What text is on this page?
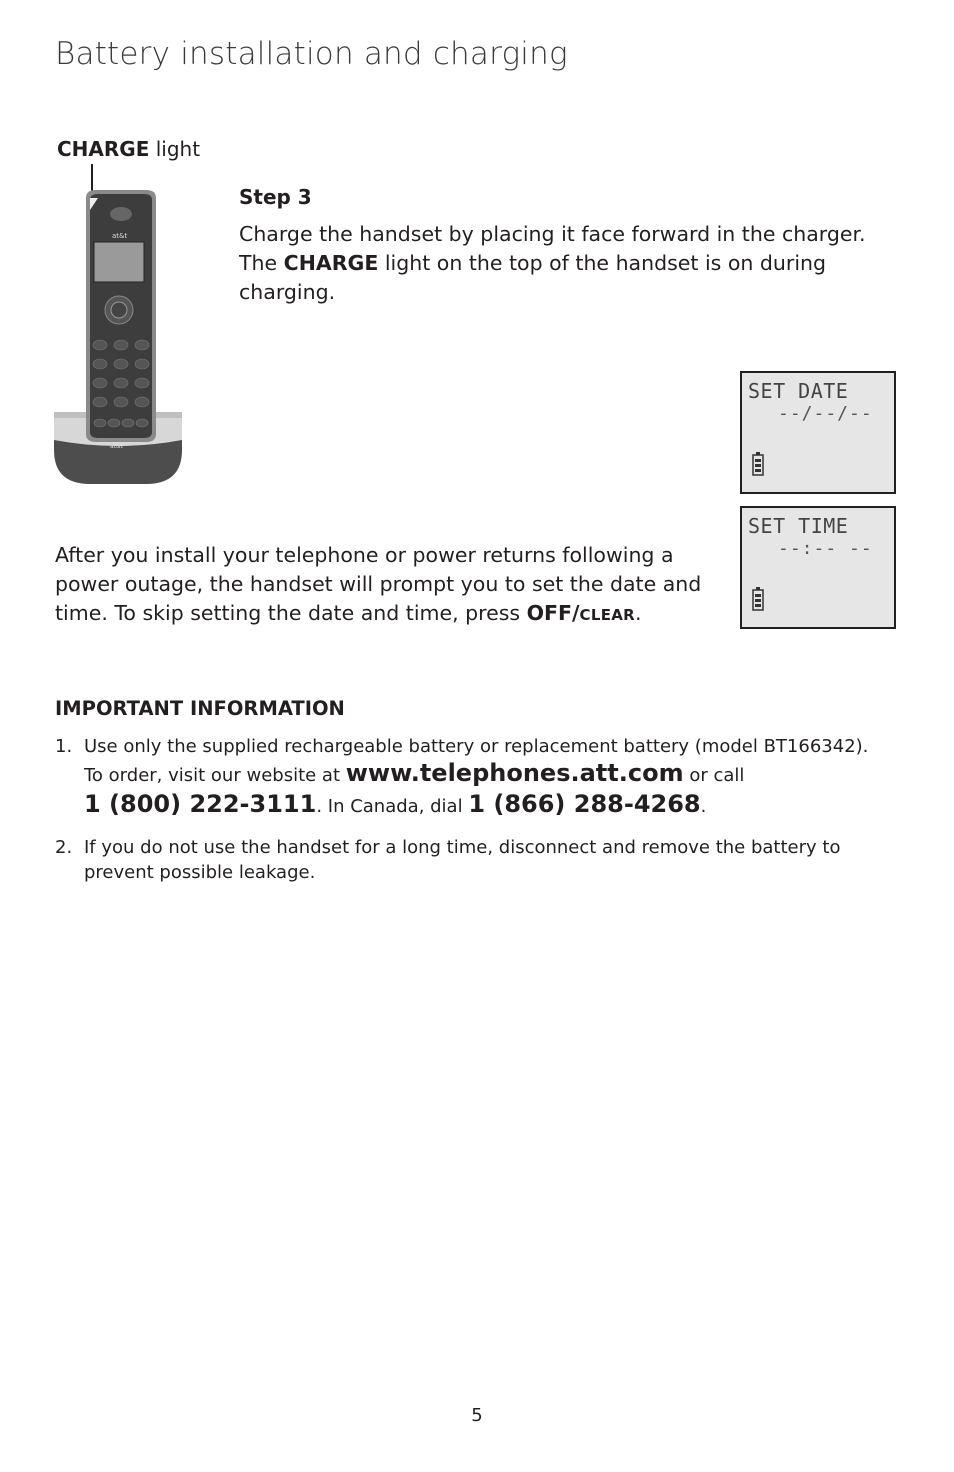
Battery installation and charging
CHARGE light
at&t
at&t
Step 3
Charge the handset by placing it face forward in the charger. The CHARGE light on the top of the handset is on during charging.
SET DATE
--/--/--
SET TIME
--:-- --
After you install your telephone or power returns following a power outage, the handset will prompt you to set the date and time. To skip setting the date and time, press OFF/CLEAR.
IMPORTANT INFORMATION
1. Use only the supplied rechargeable battery or replacement battery (model BT166342).
To order, visit our website at www.telephones.att.com or call
1 (800) 222-3111. In Canada, dial 1 (866) 288-4268.
2. If you do not use the handset for a long time, disconnect and remove the battery to prevent possible leakage.
5
